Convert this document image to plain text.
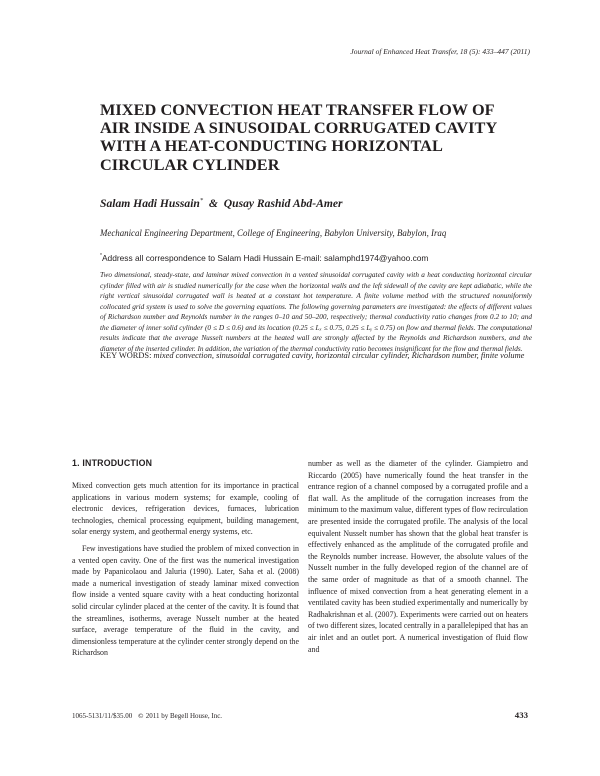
Journal of Enhanced Heat Transfer, 18 (5): 433–447 (2011)
MIXED CONVECTION HEAT TRANSFER FLOW OF AIR INSIDE A SINUSOIDAL CORRUGATED CAVITY WITH A HEAT-CONDUCTING HORIZONTAL CIRCULAR CYLINDER
Salam Hadi Hussain* & Qusay Rashid Abd-Amer
Mechanical Engineering Department, College of Engineering, Babylon University, Babylon, Iraq
*Address all correspondence to Salam Hadi Hussain E-mail: salamphd1974@yahoo.com

Two dimensional, steady-state, and laminar mixed convection in a vented sinusoidal corrugated cavity with a heat conducting horizontal circular cylinder filled with air is studied numerically for the case when the horizontal walls and the left sidewall of the cavity are kept adiabatic, while the right vertical sinusoidal corrugated wall is heated at a constant hot temperature. A finite volume method with the structured nonuniformly collocated grid system is used to solve the governing equations. The following governing parameters are investigated: the effects of different values of Richardson number and Reynolds number in the ranges 0–10 and 50–200, respectively; thermal conductivity ratio changes from 0.2 to 10; and the diameter of inner solid cylinder (0 ≤ D ≤ 0.6) and its location (0.25 ≤ Lₓ ≤ 0.75, 0.25 ≤ Lᵧ ≤ 0.75) on flow and thermal fields. The computational results indicate that the average Nusselt numbers at the heated wall are strongly affected by the Reynolds and Richardson numbers, and the diameter of the inserted cylinder. In addition, the variation of the thermal conductivity ratio becomes insignificant for the flow and thermal fields.

KEY WORDS: mixed convection, sinusoidal corrugated cavity, horizontal circular cylinder, Richardson number, finite volume

1. INTRODUCTION

Mixed convection gets much attention for its importance in practical applications in various modern systems; for example, cooling of electronic devices, refrigeration devices, furnaces, lubrication technologies, chemical processing equipment, building management, solar energy system, and geothermal energy systems, etc.

Few investigations have studied the problem of mixed convection in a vented open cavity. One of the first was the numerical investigation made by Papanicolaou and Jaluria (1990). Later, Saha et al. (2008) made a numerical investigation of steady laminar mixed convection flow inside a vented square cavity with a heat conducting horizontal solid circular cylinder placed at the center of the cavity. It is found that the streamlines, isotherms, average Nusselt number at the heated surface, average temperature of the fluid in the cavity, and dimensionless temperature at the cylinder center strongly depend on the Richardson

number as well as the diameter of the cylinder. Giampietro and Riccardo (2005) have numerically found the heat transfer in the entrance region of a channel composed by a corrugated profile and a flat wall. As the amplitude of the corrugation increases from the minimum to the maximum value, different types of flow recirculation are presented inside the corrugated profile. The analysis of the local equivalent Nusselt number has shown that the global heat transfer is effectively enhanced as the amplitude of the corrugated profile and the Reynolds number increase. However, the absolute values of the Nusselt number in the fully developed region of the channel are of the same order of magnitude as that of a smooth channel. The influence of mixed convection from a heat generating element in a ventilated cavity has been studied experimentally and numerically by Radhakrishnan et al. (2007). Experiments were carried out on heaters of two different sizes, located centrally in a parallelepiped that has an air inlet and an outlet port. A numerical investigation of fluid flow and

1065-5131/11/$35.00 © 2011 by Begell House, Inc.	433
